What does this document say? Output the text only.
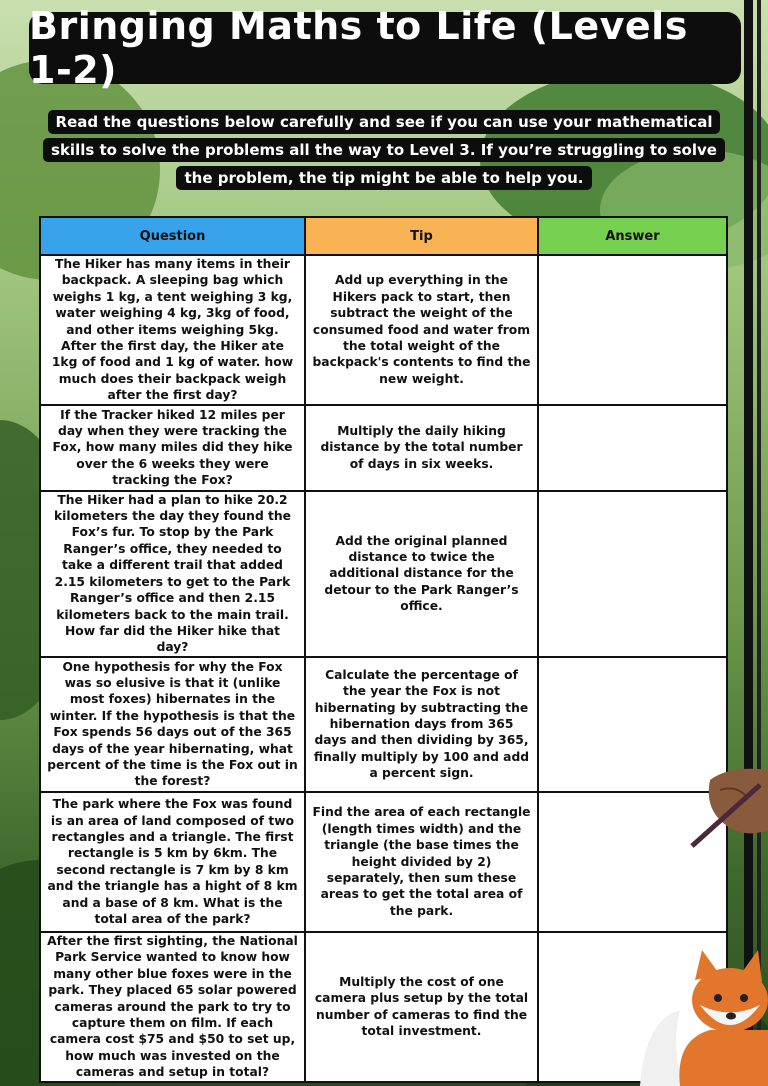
Bringing Maths to Life (Levels 1-2)
Read the questions below carefully and see if you can use your mathematical skills to solve the problems all the way to Level 3. If you’re struggling to solve the problem, the tip might be able to help you.
Question	Tip	Answer
The Hiker has many items in their backpack. A sleeping bag which weighs 1 kg, a tent weighing 3 kg, water weighing 4 kg, 3kg of food, and other items weighing 5kg. After the first day, the Hiker ate 1kg of food and 1 kg of water. how much does their backpack weigh after the first day?	Add up everything in the Hikers pack to start, then subtract the weight of the consumed food and water from the total weight of the backpack's contents to find the new weight.	
If the Tracker hiked 12 miles per day when they were tracking the Fox, how many miles did they hike over the 6 weeks they were tracking the Fox?	Multiply the daily hiking distance by the total number of days in six weeks.	
The Hiker had a plan to hike 20.2 kilometers the day they found the Fox’s fur. To stop by the Park Ranger’s office, they needed to take a different trail that added 2.15 kilometers to get to the Park Ranger’s office and then 2.15 kilometers back to the main trail. How far did the Hiker hike that day?	Add the original planned distance to twice the additional distance for the detour to the Park Ranger’s office.	
One hypothesis for why the Fox was so elusive is that it (unlike most foxes) hibernates in the winter. If the hypothesis is that the Fox spends 56 days out of the 365 days of the year hibernating, what percent of the time is the Fox out in the forest?	Calculate the percentage of the year the Fox is not hibernating by subtracting the hibernation days from 365 days and then dividing by 365, finally multiply by 100 and add a percent sign.	
The park where the Fox was found is an area of land composed of two rectangles and a triangle. The first rectangle is 5 km by 6km. The second rectangle is 7 km by 8 km and the triangle has a hight of 8 km and a base of 8 km. What is the total area of the park?	Find the area of each rectangle (length times width) and the triangle (the base times the height divided by 2) separately, then sum these areas to get the total area of the park.	
After the first sighting, the National Park Service wanted to know how many other blue foxes were in the park. They placed 65 solar powered cameras around the park to try to capture them on film. If each camera cost $75 and $50 to set up, how much was invested on the cameras and setup in total?	Multiply the cost of one camera plus setup by the total number of cameras to find the total investment.	
